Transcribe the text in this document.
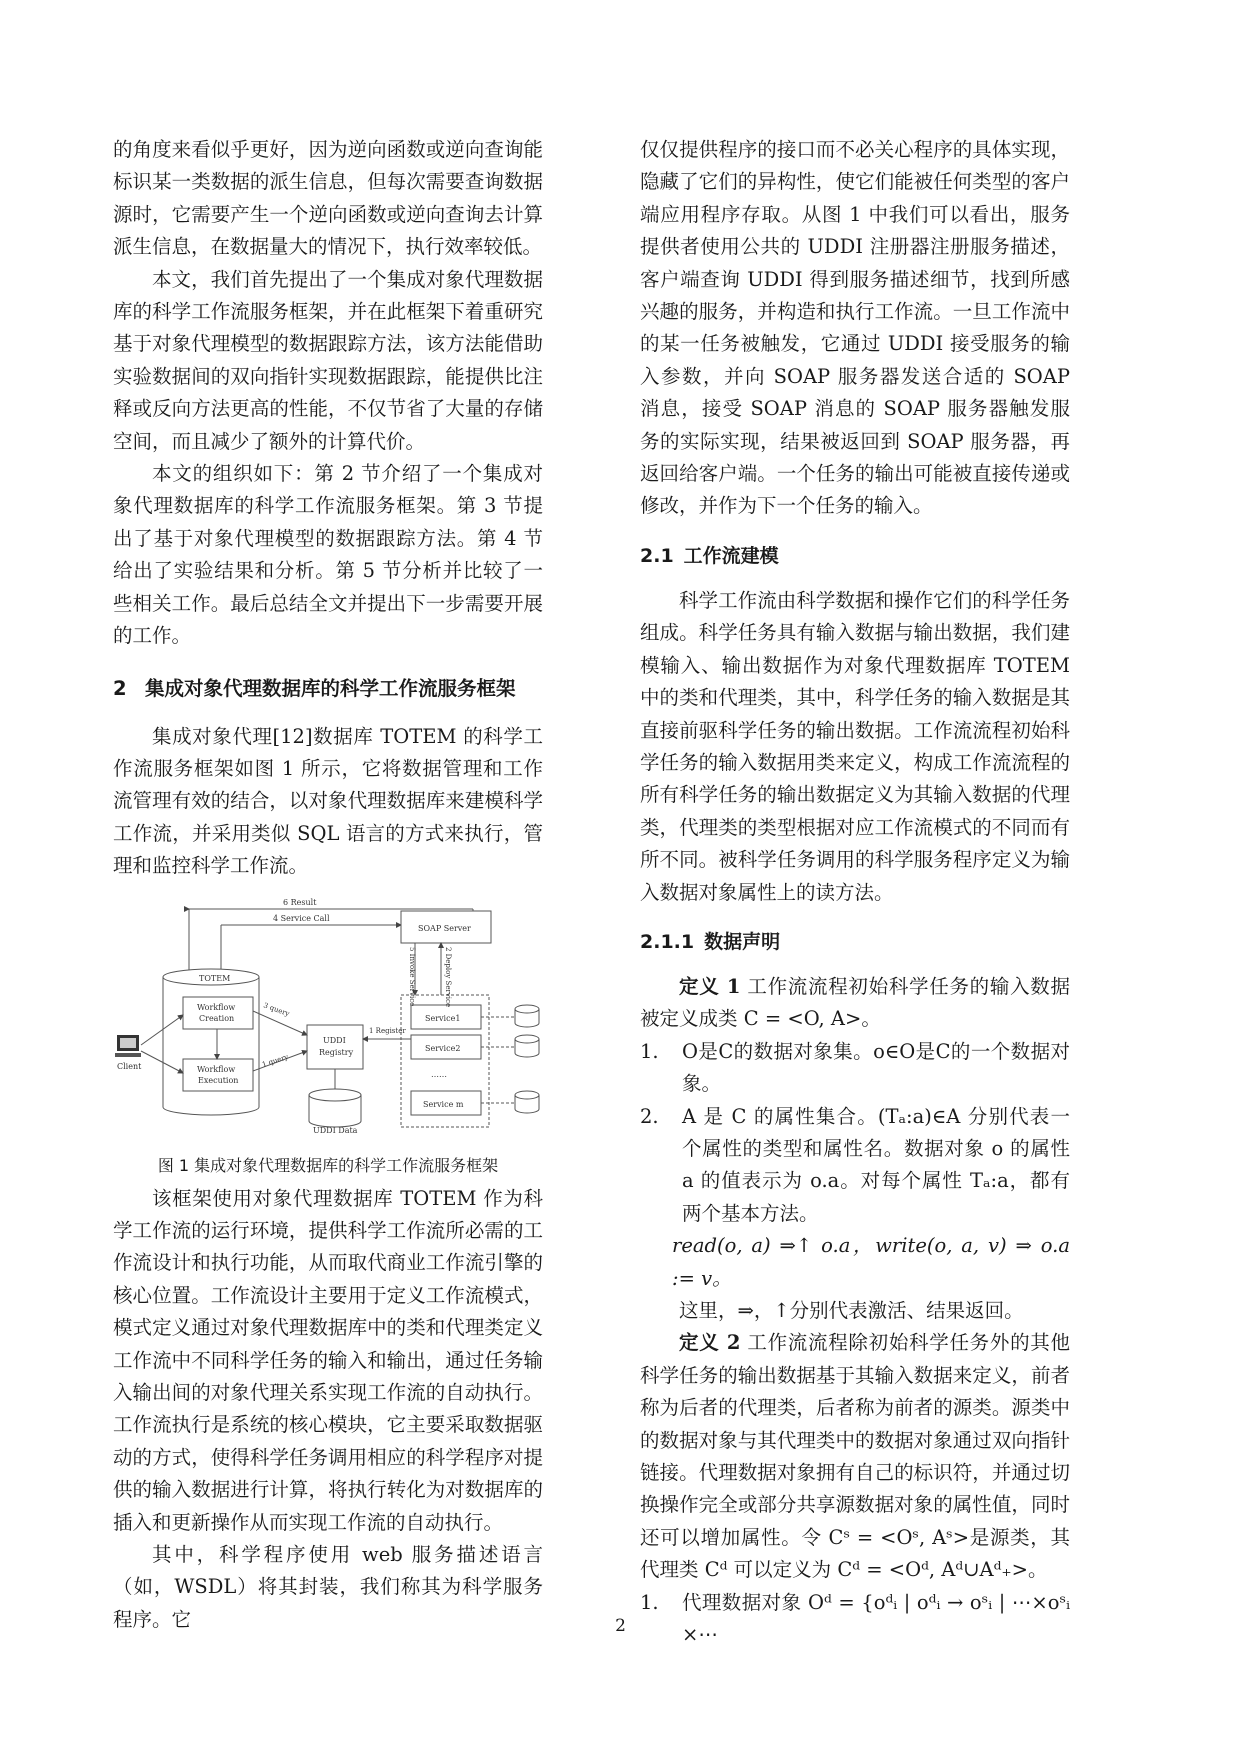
的角度来看似乎更好，因为逆向函数或逆向查询能标识某一类数据的派生信息，但每次需要查询数据源时，它需要产生一个逆向函数或逆向查询去计算派生信息，在数据量大的情况下，执行效率较低。

本文，我们首先提出了一个集成对象代理数据库的科学工作流服务框架，并在此框架下着重研究基于对象代理模型的数据跟踪方法，该方法能借助实验数据间的双向指针实现数据跟踪，能提供比注释或反向方法更高的性能，不仅节省了大量的存储空间，而且减少了额外的计算代价。

本文的组织如下：第 2 节介绍了一个集成对象代理数据库的科学工作流服务框架。第 3 节提出了基于对象代理模型的数据跟踪方法。第 4 节给出了实验结果和分析。第 5 节分析并比较了一些相关工作。最后总结全文并提出下一步需要开展的工作。

2 集成对象代理数据库的科学工作流服务框架

集成对象代理[12]数据库 TOTEM 的科学工作流服务框架如图 1 所示，它将数据管理和工作流管理有效的结合，以对象代理数据库来建模科学工作流，并采用类似 SQL 语言的方式来执行，管理和监控科学工作流。

6 Result
4 Service Call
SOAP Server
5 Invoke Service	2 Deploy Service
TOTEM
Workflow
Creation
Workflow
Execution
3 query
1 query
UDDI
Registry
1 Register
Service1
Service2
……
Service m
UDDI Data
Client

图 1 集成对象代理数据库的科学工作流服务框架

该框架使用对象代理数据库 TOTEM 作为科学工作流的运行环境，提供科学工作流所必需的工作流设计和执行功能，从而取代商业工作流引擎的核心位置。工作流设计主要用于定义工作流模式，模式定义通过对象代理数据库中的类和代理类定义工作流中不同科学任务的输入和输出，通过任务输入输出间的对象代理关系实现工作流的自动执行。工作流执行是系统的核心模块，它主要采取数据驱动的方式，使得科学任务调用相应的科学程序对提供的输入数据进行计算，将执行转化为对数据库的插入和更新操作从而实现工作流的自动执行。

其中，科学程序使用 web 服务描述语言（如，WSDL）将其封装，我们称其为科学服务程序。它

仅仅提供程序的接口而不必关心程序的具体实现，隐藏了它们的异构性，使它们能被任何类型的客户端应用程序存取。从图 1 中我们可以看出，服务提供者使用公共的 UDDI 注册器注册服务描述，客户端查询 UDDI 得到服务描述细节，找到所感兴趣的服务，并构造和执行工作流。一旦工作流中的某一任务被触发，它通过 UDDI 接受服务的输入参数，并向 SOAP 服务器发送合适的 SOAP 消息，接受 SOAP 消息的 SOAP 服务器触发服务的实际实现，结果被返回到 SOAP 服务器，再返回给客户端。一个任务的输出可能被直接传递或修改，并作为下一个任务的输入。

2.1 工作流建模

科学工作流由科学数据和操作它们的科学任务组成。科学任务具有输入数据与输出数据，我们建模输入、输出数据作为对象代理数据库 TOTEM 中的类和代理类，其中，科学任务的输入数据是其直接前驱科学任务的输出数据。工作流流程初始科学任务的输入数据用类来定义，构成工作流流程的所有科学任务的输出数据定义为其输入数据的代理类，代理类的类型根据对应工作流模式的不同而有所不同。被科学任务调用的科学服务程序定义为输入数据对象属性上的读方法。

2.1.1 数据声明

定义 1 工作流流程初始科学任务的输入数据被定义成类 C = <O, A>。

1. O是C的数据对象集。o∈O是C的一个数据对象。
2. A 是 C 的属性集合。(Tₐ:a)∈A 分别代表一个属性的类型和属性名。数据对象 o 的属性 a 的值表示为 o.a。对每个属性 Tₐ:a，都有两个基本方法。

read(o, a) ⇒↑ o.a，write(o, a, v) ⇒ o.a := v。

这里，⇒，↑分别代表激活、结果返回。

定义 2 工作流流程除初始科学任务外的其他科学任务的输出数据基于其输入数据来定义，前者称为后者的代理类，后者称为前者的源类。源类中的数据对象与其代理类中的数据对象通过双向指针链接。代理数据对象拥有自己的标识符，并通过切换操作完全或部分共享源数据对象的属性值，同时还可以增加属性。令 Cˢ = <Oˢ, Aˢ>是源类，其代理类 Cᵈ 可以定义为 Cᵈ = <Oᵈ, Aᵈ∪Aᵈ₊>。

1. 代理数据对象 Oᵈ = {oᵈᵢ | oᵈᵢ → oˢᵢ | ⋯×oˢᵢ ×⋯
2
